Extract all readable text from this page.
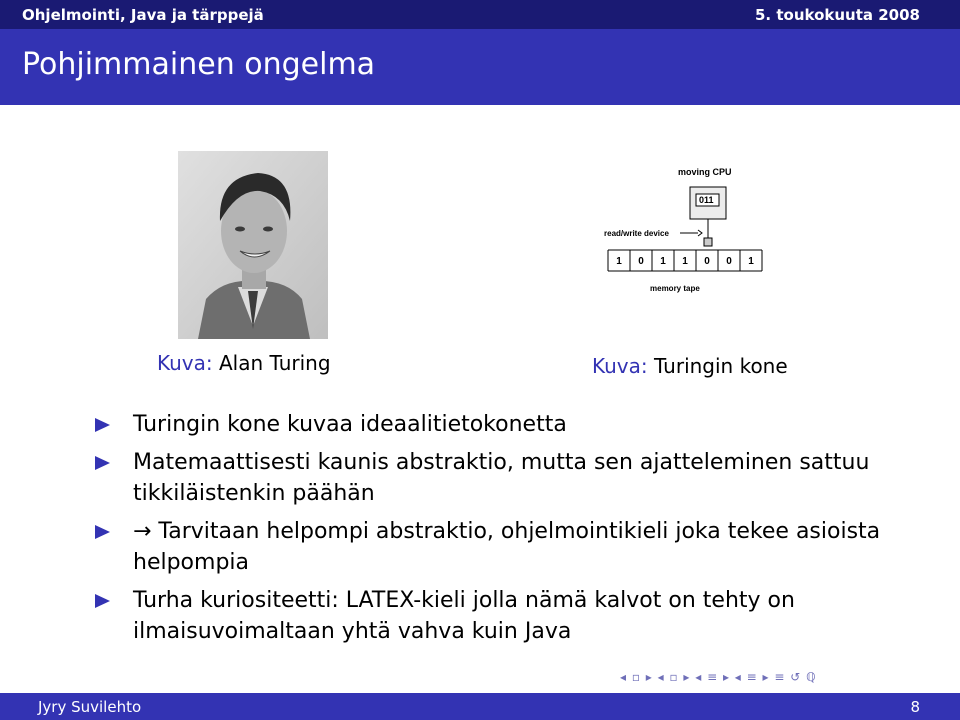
Ohjelmointi, Java ja tärppejä	5. toukokuuta 2008
Pohjimmainen ongelma
moving CPU
011
read/write device
1 0 1 1 0 0 1
memory tape
Kuva: Alan Turing	Kuva: Turingin kone
Turingin kone kuvaa ideaalitietokonetta
Matemaattisesti kaunis abstraktio, mutta sen ajatteleminen sattuu tikkiläistenkin päähän
→ Tarvitaan helpompi abstraktio, ohjelmointikieli joka tekee asioista helpompia
Turha kuriositeetti: LATEX-kieli jolla nämä kalvot on tehty on ilmaisuvoimaltaan yhtä vahva kuin Java
◂ ▫ ▸ ◂ ▫ ▸ ◂ ≡ ▸ ◂ ≡ ▸ ≡ ↺ ℚ
Jyry Suvilehto	8
